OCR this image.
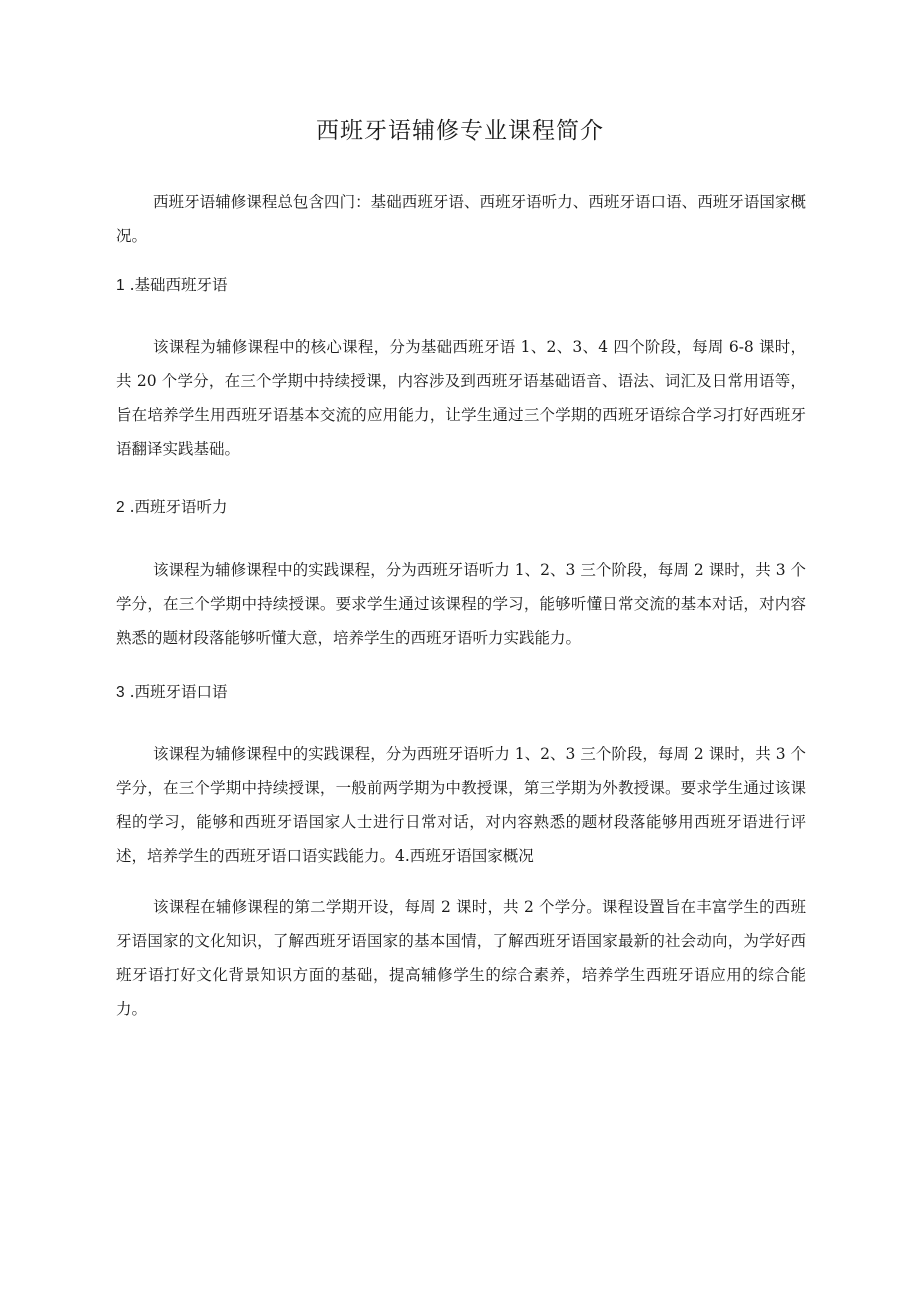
西班牙语辅修专业课程简介

西班牙语辅修课程总包含四门：基础西班牙语、西班牙语听力、西班牙语口语、西班牙语国家概况。

1 .基础西班牙语

该课程为辅修课程中的核心课程，分为基础西班牙语 1、2、3、4 四个阶段，每周 6-8 课时，共 20 个学分，在三个学期中持续授课，内容涉及到西班牙语基础语音、语法、词汇及日常用语等，旨在培养学生用西班牙语基本交流的应用能力，让学生通过三个学期的西班牙语综合学习打好西班牙语翻译实践基础。

2 .西班牙语听力

该课程为辅修课程中的实践课程，分为西班牙语听力 1、2、3 三个阶段，每周 2 课时，共 3 个学分，在三个学期中持续授课。要求学生通过该课程的学习，能够听懂日常交流的基本对话，对内容熟悉的题材段落能够听懂大意，培养学生的西班牙语听力实践能力。

3 .西班牙语口语

该课程为辅修课程中的实践课程，分为西班牙语听力 1、2、3 三个阶段，每周 2 课时，共 3 个学分，在三个学期中持续授课，一般前两学期为中教授课，第三学期为外教授课。要求学生通过该课程的学习，能够和西班牙语国家人士进行日常对话，对内容熟悉的题材段落能够用西班牙语进行评述，培养学生的西班牙语口语实践能力。4.西班牙语国家概况

该课程在辅修课程的第二学期开设，每周 2 课时，共 2 个学分。课程设置旨在丰富学生的西班牙语国家的文化知识，了解西班牙语国家的基本国情，了解西班牙语国家最新的社会动向，为学好西班牙语打好文化背景知识方面的基础，提高辅修学生的综合素养，培养学生西班牙语应用的综合能力。
